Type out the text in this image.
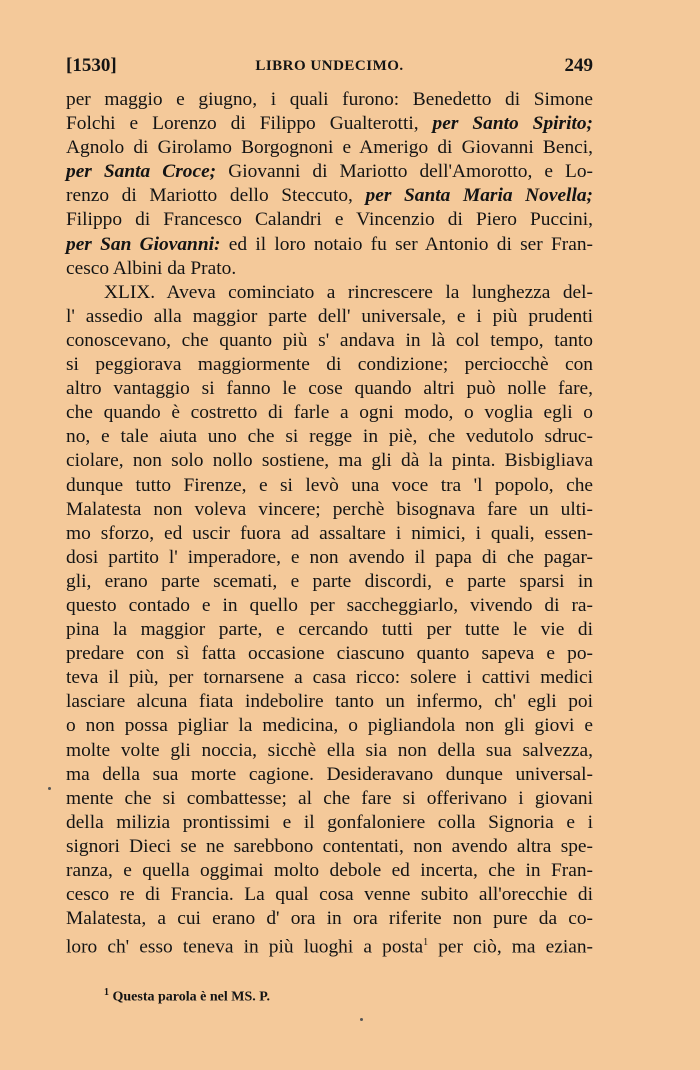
[1530]	LIBRO UNDECIMO.	249
per maggio e giugno, i quali furono: Benedetto di Simone
Folchi e Lorenzo di Filippo Gualterotti, per Santo Spirito;
Agnolo di Girolamo Borgognoni e Amerigo di Giovanni Benci,
per Santa Croce; Giovanni di Mariotto dell'Amorotto, e Lo-
renzo di Mariotto dello Steccuto, per Santa Maria Novella;
Filippo di Francesco Calandri e Vincenzio di Piero Puccini,
per San Giovanni: ed il loro notaio fu ser Antonio di ser Fran-
cesco Albini da Prato.
XLIX. Aveva cominciato a rincrescere la lunghezza del-
l' assedio alla maggior parte dell' universale, e i più prudenti
conoscevano, che quanto più s' andava in là col tempo, tanto
si peggiorava maggiormente di condizione; perciocchè con
altro vantaggio si fanno le cose quando altri può nolle fare,
che quando è costretto di farle a ogni modo, o voglia egli o
no, e tale aiuta uno che si regge in piè, che vedutolo sdruc-
ciolare, non solo nollo sostiene, ma gli dà la pinta. Bisbigliava
dunque tutto Firenze, e si levò una voce tra 'l popolo, che
Malatesta non voleva vincere; perchè bisognava fare un ulti-
mo sforzo, ed uscir fuora ad assaltare i nimici, i quali, essen-
dosi partito l' imperadore, e non avendo il papa di che pagar-
gli, erano parte scemati, e parte discordi, e parte sparsi in
questo contado e in quello per saccheggiarlo, vivendo di ra-
pina la maggior parte, e cercando tutti per tutte le vie di
predare con sì fatta occasione ciascuno quanto sapeva e po-
teva il più, per tornarsene a casa ricco: solere i cattivi medici
lasciare alcuna fiata indebolire tanto un infermo, ch' egli poi
o non possa pigliar la medicina, o pigliandola non gli giovi e
molte volte gli noccia, sicchè ella sia non della sua salvezza,
ma della sua morte cagione. Desideravano dunque universal-
mente che si combattesse; al che fare si offerivano i giovani
della milizia prontissimi e il gonfaloniere colla Signoria e i
signori Dieci se ne sarebbono contentati, non avendo altra spe-
ranza, e quella oggimai molto debole ed incerta, che in Fran-
cesco re di Francia. La qual cosa venne subito all'orecchie di
Malatesta, a cui erano d' ora in ora riferite non pure da co-
loro ch' esso teneva in più luoghi a posta$^1$ per ciò, ma ezian-
$^1$ Questa parola è nel MS. P.
